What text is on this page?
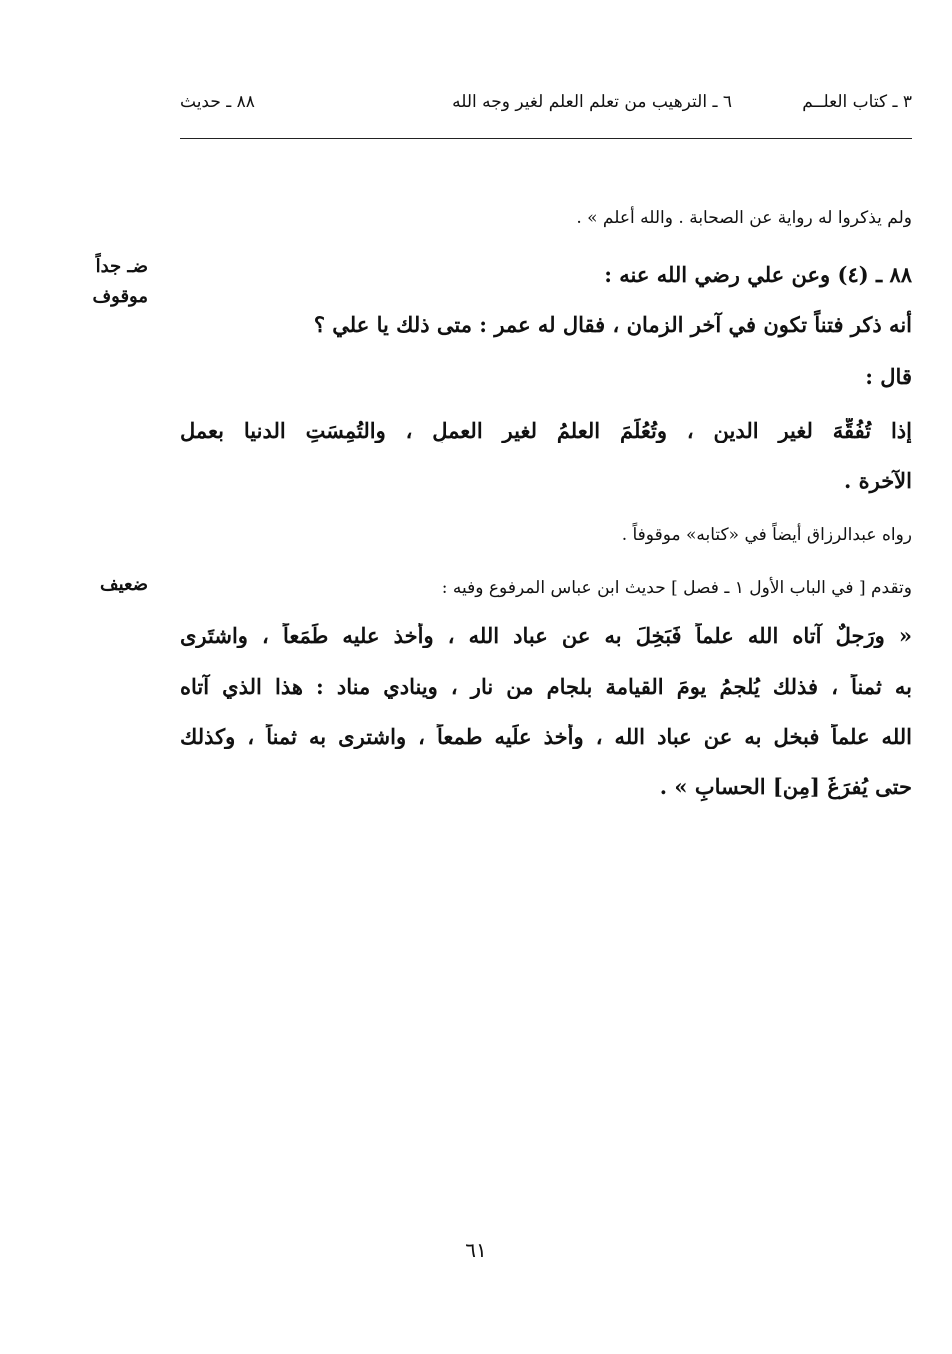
٣ ـ كتاب العلــم
٦ ـ الترهيب من تعلم العلم لغير وجه الله
٨٨ ـ حديث
ولم يذكروا له رواية عن الصحابة . والله أعلم » .
٨٨ ـ (٤) وعن علي رضي الله عنه :
أنه ذكر فتناً تكون في آخر الزمان ، فقال له عمر : متى ذلك يا علي ؟
قال :
إذا تُفُقِّهَ لغيرِ الدين ، وتُعُلِّمَ العلمُ لغير العملِ ، والتُمِسَتِ الدنيا بعمل
الآخرة .
رواه عبدالرزاق أيضاً في «كتابه» موقوفاً .
وتقدم [ في الباب الأول ١ ـ فصل ] حديث ابن عباس المرفوع وفيه :
« ورَجلٌ آتاه الله علماً فَبَخِلَ به عن عباد الله ، وأخذ عليه طَمَعاً ، واشتَرى
به ثمناً ، فذلك يُلجمُ يومَ القيامة بلجام من نار ، وينادي مناد : هذا الذي آتاه
الله علماً فبخل به عن عباد الله ، وأخذ علَيه طمعاً ، واشترى به ثمناً ، وكذلك
حتى يُفرَغَ [مِن] الحسابِ » .
ضـ جداً
موقوف
ضعيف
٦١
